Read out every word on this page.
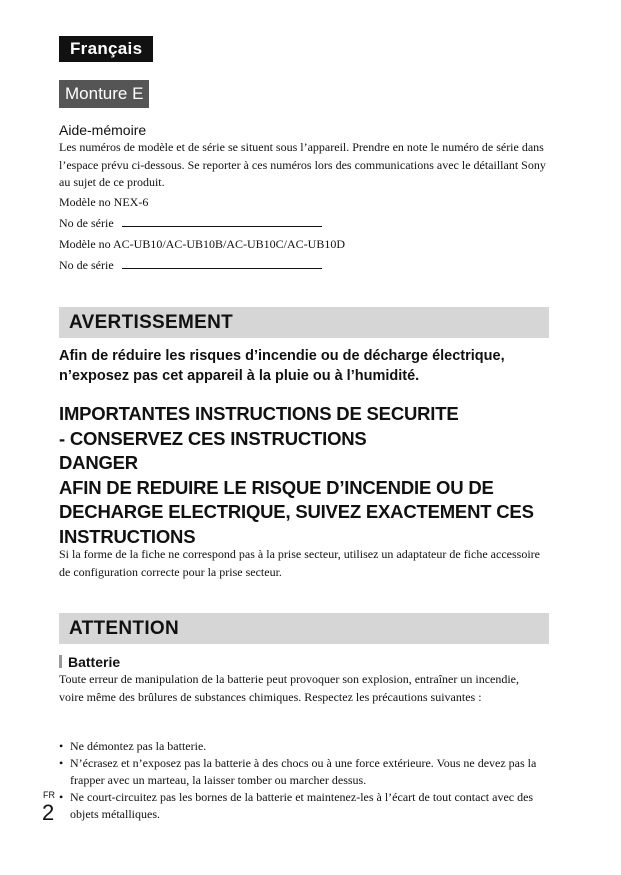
Français
Monture E
Aide-mémoire
Les numéros de modèle et de série se situent sous l’appareil. Prendre en note le numéro de série dans l’espace prévu ci-dessous. Se reporter à ces numéros lors des communications avec le détaillant Sony au sujet de ce produit.
Modèle no NEX-6
No de série
Modèle no AC-UB10/AC-UB10B/AC-UB10C/AC-UB10D
No de série
AVERTISSEMENT
Afin de réduire les risques d’incendie ou de décharge électrique, n’exposez pas cet appareil à la pluie ou à l’humidité.
IMPORTANTES INSTRUCTIONS DE SECURITE
- CONSERVEZ CES INSTRUCTIONS
DANGER
AFIN DE REDUIRE LE RISQUE D’INCENDIE OU DE
DECHARGE ELECTRIQUE, SUIVEZ EXACTEMENT CES
INSTRUCTIONS
Si la forme de la fiche ne correspond pas à la prise secteur, utilisez un adaptateur de fiche accessoire de configuration correcte pour la prise secteur.
ATTENTION
Batterie
Toute erreur de manipulation de la batterie peut provoquer son explosion, entraîner un incendie, voire même des brûlures de substances chimiques. Respectez les précautions suivantes :
• Ne démontez pas la batterie.
• N’écrasez et n’exposez pas la batterie à des chocs ou à une force extérieure. Vous ne devez pas la frapper avec un marteau, la laisser tomber ou marcher dessus.
• Ne court-circuitez pas les bornes de la batterie et maintenez-les à l’écart de tout contact avec des objets métalliques.
FR
2
